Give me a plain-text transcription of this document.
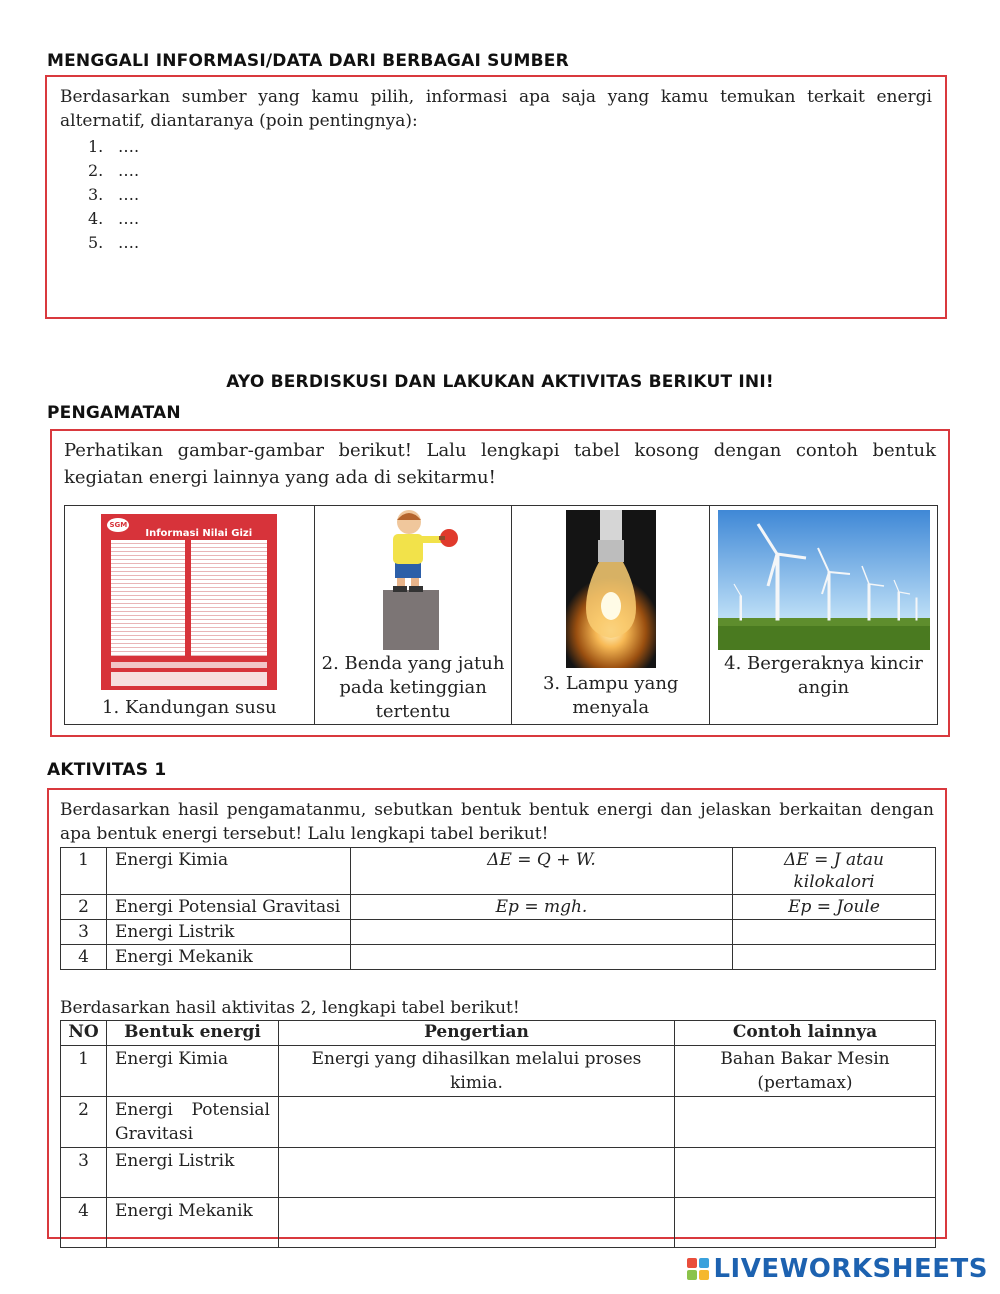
MENGGALI INFORMASI/DATA DARI BERBAGAI SUMBER

Berdasarkan sumber yang kamu pilih, informasi apa saja yang kamu temukan terkait energi alternatif, diantaranya (poin pentingnya):

1. ….
2. ….
3. ….
4. ….
5. ….
AYO BERDISKUSI DAN LAKUKAN AKTIVITAS BERIKUT INI!
PENGAMATAN

Perhatikan gambar-gambar berikut! Lalu lengkapi tabel kosong dengan contoh bentuk kegiatan energi lainnya yang ada di sekitarmu!

SGM
Informasi Nilai Gizi
1. Kandungan susu

2. Benda yang jatuh pada ketinggian tertentu

3. Lampu yang menyala

4. Bergeraknya kincir angin
AKTIVITAS 1

Berdasarkan hasil pengamatanmu, sebutkan bentuk bentuk energi dan jelaskan berkaitan dengan apa bentuk energi tersebut! Lalu lengkapi tabel berikut!

1	Energi Kimia	ΔE = Q + W.	ΔE = J atau kilokalori
2	Energi Potensial Gravitasi	Ep = mgh.	Ep = Joule
3	Energi Listrik		
4	Energi Mekanik		

Berdasarkan hasil aktivitas 2, lengkapi tabel berikut!

NO	Bentuk energi	Pengertian	Contoh lainnya
1	Energi Kimia	Energi yang dihasilkan melalui proses kimia.	Bahan Bakar Mesin (pertamax)
2	Energi Potensial Gravitasi		
3	Energi Listrik		
4	Energi Mekanik		
LIVEWORKSHEETS
